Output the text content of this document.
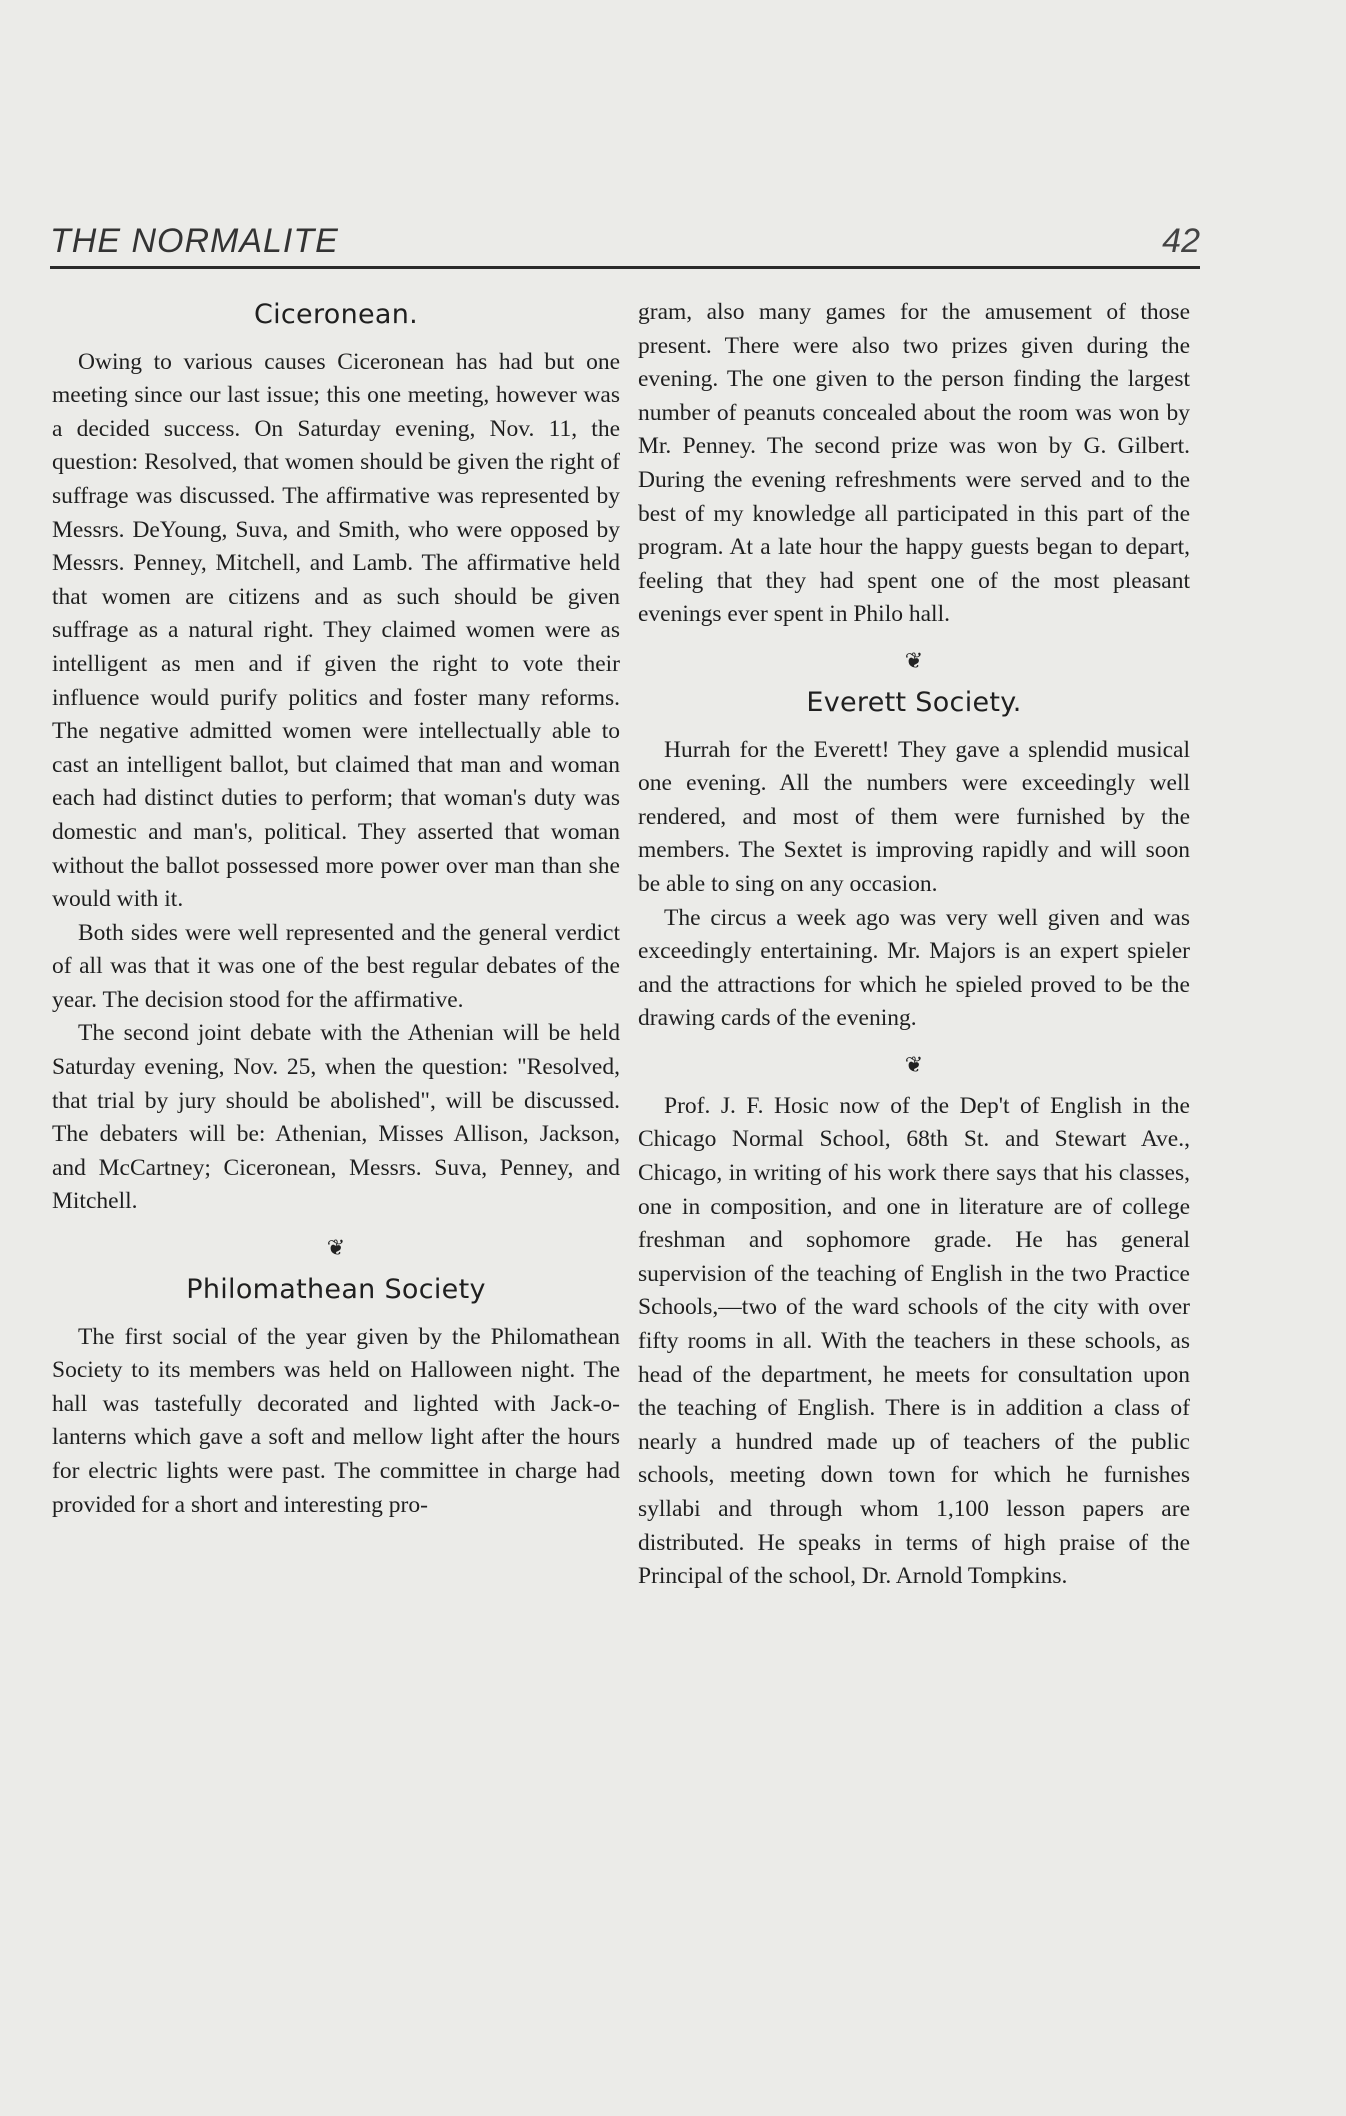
THE NORMALITE	42
Ciceronean.

Owing to various causes Ciceronean has had but one meeting since our last issue; this one meeting, however was a decided success. On Saturday evening, Nov. 11, the question: Resolved, that women should be given the right of suffrage was discussed. The affirmative was represented by Messrs. DeYoung, Suva, and Smith, who were opposed by Messrs. Penney, Mitchell, and Lamb. The affirmative held that women are citizens and as such should be given suffrage as a natural right. They claimed women were as intelligent as men and if given the right to vote their influence would purify politics and foster many reforms. The negative admitted women were intellectually able to cast an intelligent ballot, but claimed that man and woman each had distinct duties to perform; that woman's duty was domestic and man's, political. They asserted that woman without the ballot possessed more power over man than she would with it.

Both sides were well represented and the general verdict of all was that it was one of the best regular debates of the year. The decision stood for the affirmative.

The second joint debate with the Athenian will be held Saturday evening, Nov. 25, when the question: "Resolved, that trial by jury should be abolished", will be discussed. The debaters will be: Athenian, Misses Allison, Jackson, and McCartney; Ciceronean, Messrs. Suva, Penney, and Mitchell.

❦
Philomathean Society

The first social of the year given by the Philomathean Society to its members was held on Halloween night. The hall was tastefully decorated and lighted with Jack-o-lanterns which gave a soft and mellow light after the hours for electric lights were past. The committee in charge had provided for a short and interesting pro-

gram, also many games for the amusement of those present. There were also two prizes given during the evening. The one given to the person finding the largest number of peanuts concealed about the room was won by Mr. Penney. The second prize was won by G. Gilbert. During the evening refreshments were served and to the best of my knowledge all participated in this part of the program. At a late hour the happy guests began to depart, feeling that they had spent one of the most pleasant evenings ever spent in Philo hall.

❦
Everett Society.

Hurrah for the Everett! They gave a splendid musical one evening. All the numbers were exceedingly well rendered, and most of them were furnished by the members. The Sextet is improving rapidly and will soon be able to sing on any occasion.

The circus a week ago was very well given and was exceedingly entertaining. Mr. Majors is an expert spieler and the attractions for which he spieled proved to be the drawing cards of the evening.

❦

Prof. J. F. Hosic now of the Dep't of English in the Chicago Normal School, 68th St. and Stewart Ave., Chicago, in writing of his work there says that his classes, one in composition, and one in literature are of college freshman and sophomore grade. He has general supervision of the teaching of English in the two Practice Schools,—two of the ward schools of the city with over fifty rooms in all. With the teachers in these schools, as head of the department, he meets for consultation upon the teaching of English. There is in addition a class of nearly a hundred made up of teachers of the public schools, meeting down town for which he furnishes syllabi and through whom 1,100 lesson papers are distributed. He speaks in terms of high praise of the Principal of the school, Dr. Arnold Tompkins.
